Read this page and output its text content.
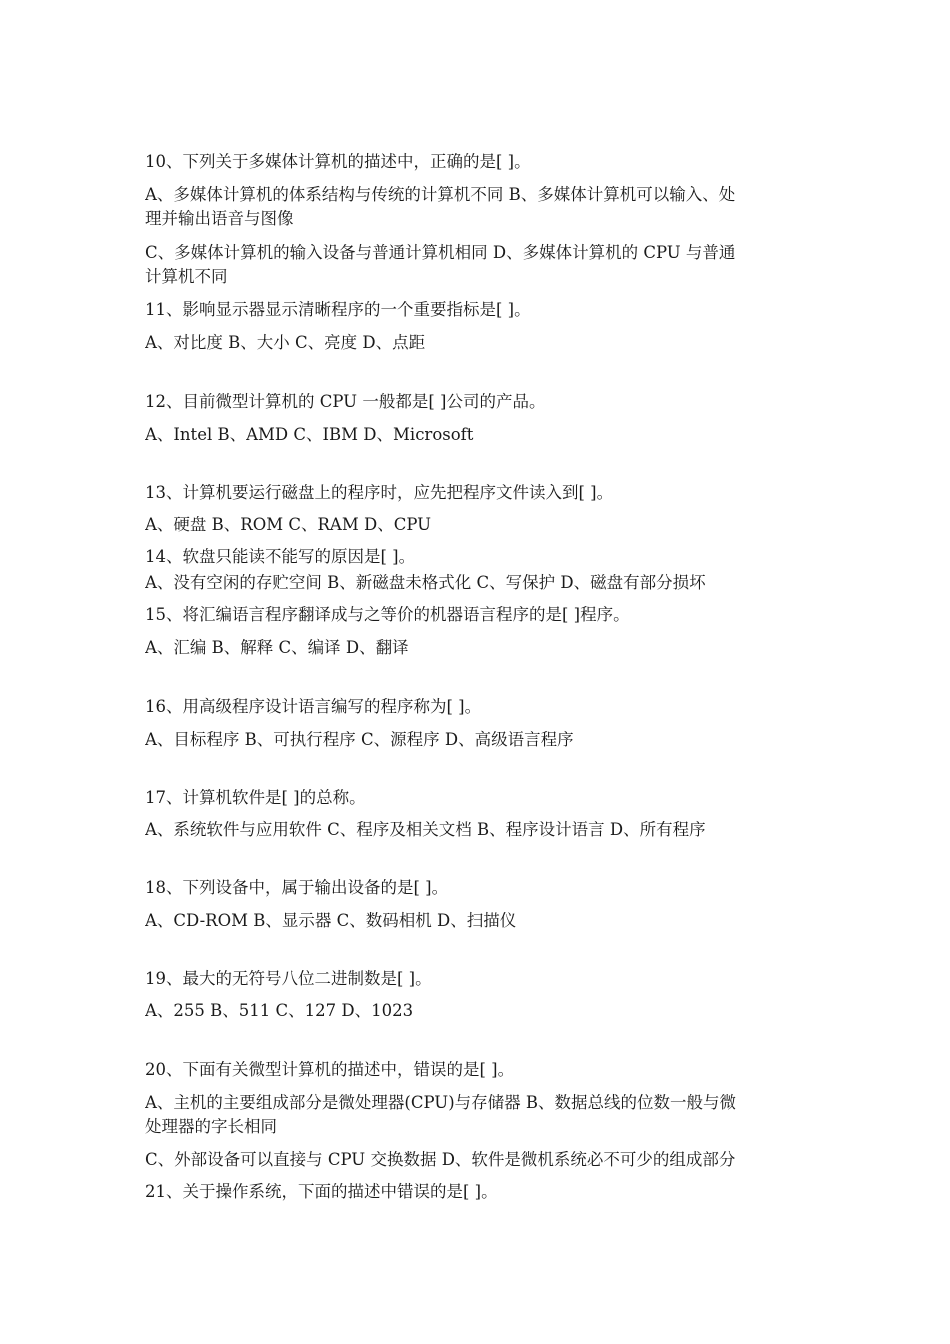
10、下列关于多媒体计算机的描述中，正确的是[ ]。
A、多媒体计算机的体系结构与传统的计算机不同 B、多媒体计算机可以输入、处
理并输出语音与图像
C、多媒体计算机的输入设备与普通计算机相同 D、多媒体计算机的 CPU 与普通
计算机不同
11、影响显示器显示清晰程序的一个重要指标是[ ]。
A、对比度 B、大小 C、亮度 D、点距
12、目前微型计算机的 CPU 一般都是[ ]公司的产品。
A、Intel B、AMD C、IBM D、Microsoft
13、计算机要运行磁盘上的程序时，应先把程序文件读入到[ ]。
A、硬盘 B、ROM C、RAM D、CPU
14、软盘只能读不能写的原因是[ ]。
A、没有空闲的存贮空间 B、新磁盘未格式化 C、写保护 D、磁盘有部分损坏
15、将汇编语言程序翻译成与之等价的机器语言程序的是[ ]程序。
A、汇编 B、解释 C、编译 D、翻译
16、用高级程序设计语言编写的程序称为[ ]。
A、目标程序 B、可执行程序 C、源程序 D、高级语言程序
17、计算机软件是[ ]的总称。
A、系统软件与应用软件 C、程序及相关文档 B、程序设计语言 D、所有程序
18、下列设备中，属于输出设备的是[ ]。
A、CD-ROM B、显示器 C、数码相机 D、扫描仪
19、最大的无符号八位二进制数是[ ]。
A、255 B、511 C、127 D、1023
20、下面有关微型计算机的描述中，错误的是[ ]。
A、主机的主要组成部分是微处理器(CPU)与存储器 B、数据总线的位数一般与微
处理器的字长相同
C、外部设备可以直接与 CPU 交换数据 D、软件是微机系统必不可少的组成部分
21、关于操作系统，下面的描述中错误的是[ ]。
